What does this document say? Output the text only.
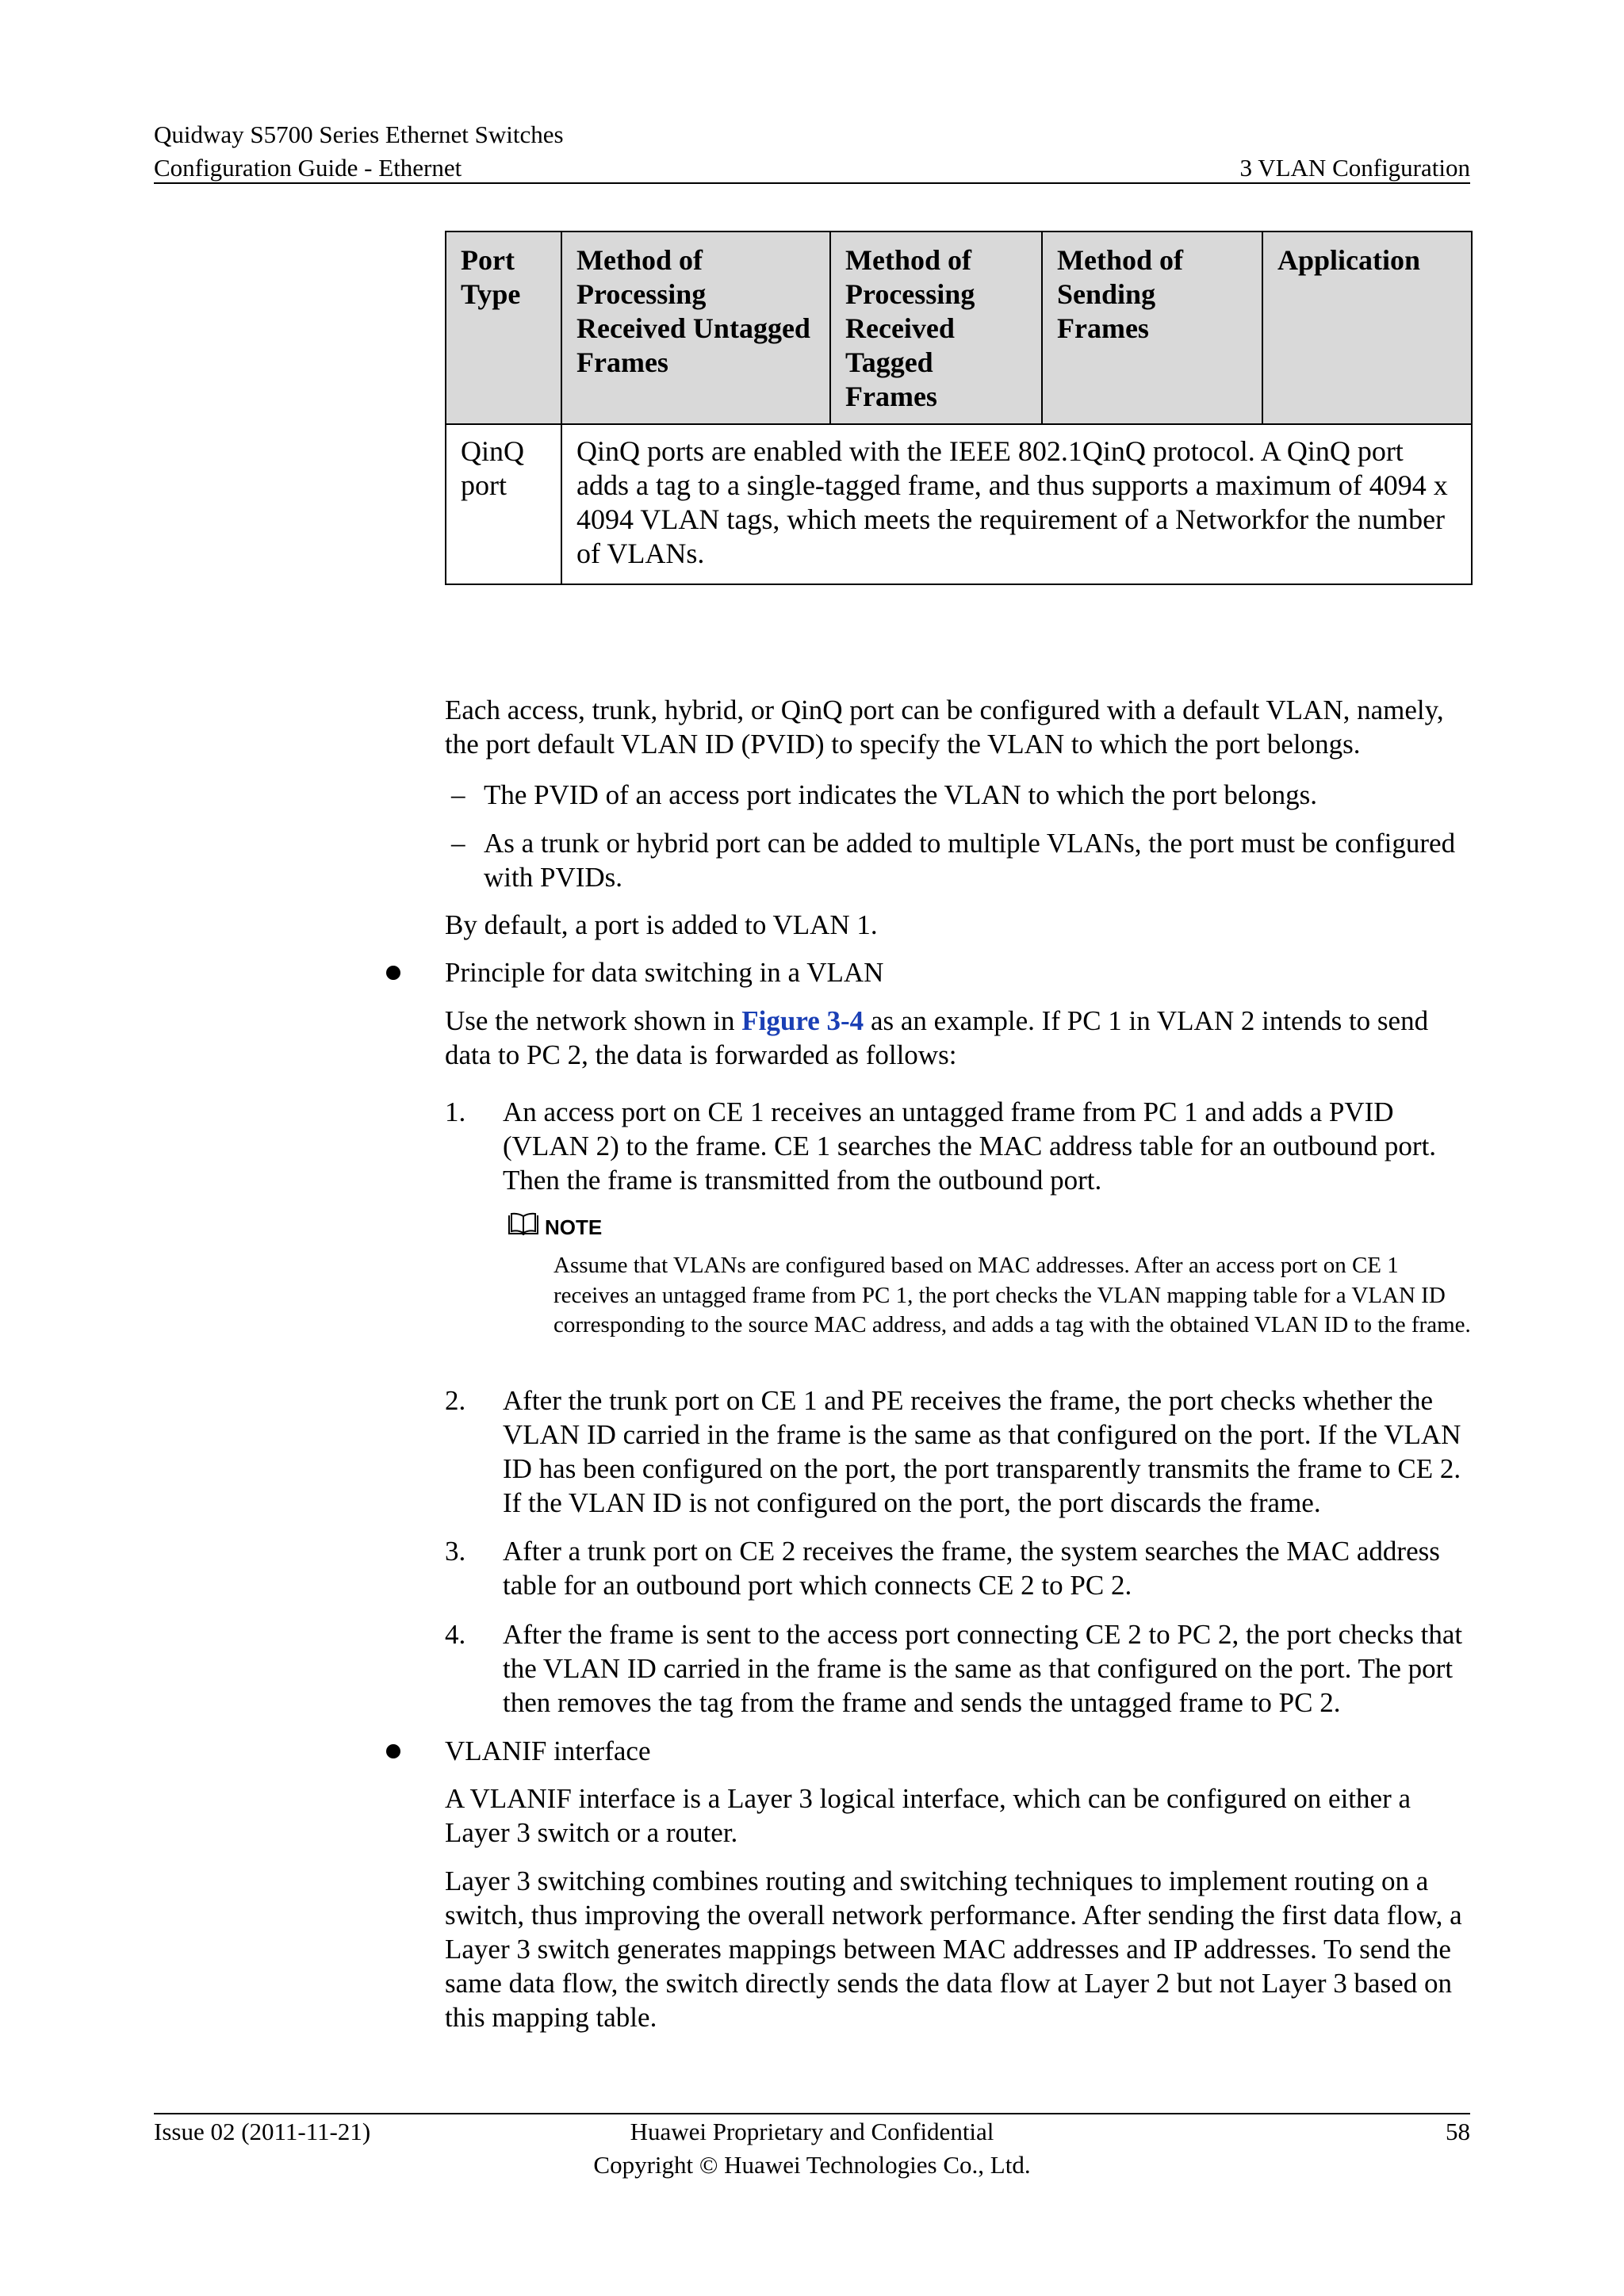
Quidway S5700 Series Ethernet Switches
Configuration Guide - Ethernet	3 VLAN Configuration
Port Type	Method of Processing Received Untagged Frames	Method of Processing Received Tagged Frames	Method of Sending Frames	Application
QinQ port	QinQ ports are enabled with the IEEE 802.1QinQ protocol. A QinQ port adds a tag to a single-tagged frame, and thus supports a maximum of 4094 x 4094 VLAN tags, which meets the requirement of a Networkfor the number of VLANs.			
Each access, trunk, hybrid, or QinQ port can be configured with a default VLAN, namely, the port default VLAN ID (PVID) to specify the VLAN to which the port belongs.
– The PVID of an access port indicates the VLAN to which the port belongs.
– As a trunk or hybrid port can be added to multiple VLANs, the port must be configured with PVIDs.
By default, a port is added to VLAN 1.
Principle for data switching in a VLAN
Use the network shown in Figure 3-4 as an example. If PC 1 in VLAN 2 intends to send data to PC 2, the data is forwarded as follows:
1. An access port on CE 1 receives an untagged frame from PC 1 and adds a PVID (VLAN 2) to the frame. CE 1 searches the MAC address table for an outbound port. Then the frame is transmitted from the outbound port.
NOTE
Assume that VLANs are configured based on MAC addresses. After an access port on CE 1 receives an untagged frame from PC 1, the port checks the VLAN mapping table for a VLAN ID corresponding to the source MAC address, and adds a tag with the obtained VLAN ID to the frame.
2. After the trunk port on CE 1 and PE receives the frame, the port checks whether the VLAN ID carried in the frame is the same as that configured on the port. If the VLAN ID has been configured on the port, the port transparently transmits the frame to CE 2. If the VLAN ID is not configured on the port, the port discards the frame.
3. After a trunk port on CE 2 receives the frame, the system searches the MAC address table for an outbound port which connects CE 2 to PC 2.
4. After the frame is sent to the access port connecting CE 2 to PC 2, the port checks that the VLAN ID carried in the frame is the same as that configured on the port. The port then removes the tag from the frame and sends the untagged frame to PC 2.
VLANIF interface
A VLANIF interface is a Layer 3 logical interface, which can be configured on either a Layer 3 switch or a router.
Layer 3 switching combines routing and switching techniques to implement routing on a switch, thus improving the overall network performance. After sending the first data flow, a Layer 3 switch generates mappings between MAC addresses and IP addresses. To send the same data flow, the switch directly sends the data flow at Layer 2 but not Layer 3 based on this mapping table.
Issue 02 (2011-11-21)	Huawei Proprietary and Confidential
Copyright © Huawei Technologies Co., Ltd.
58
